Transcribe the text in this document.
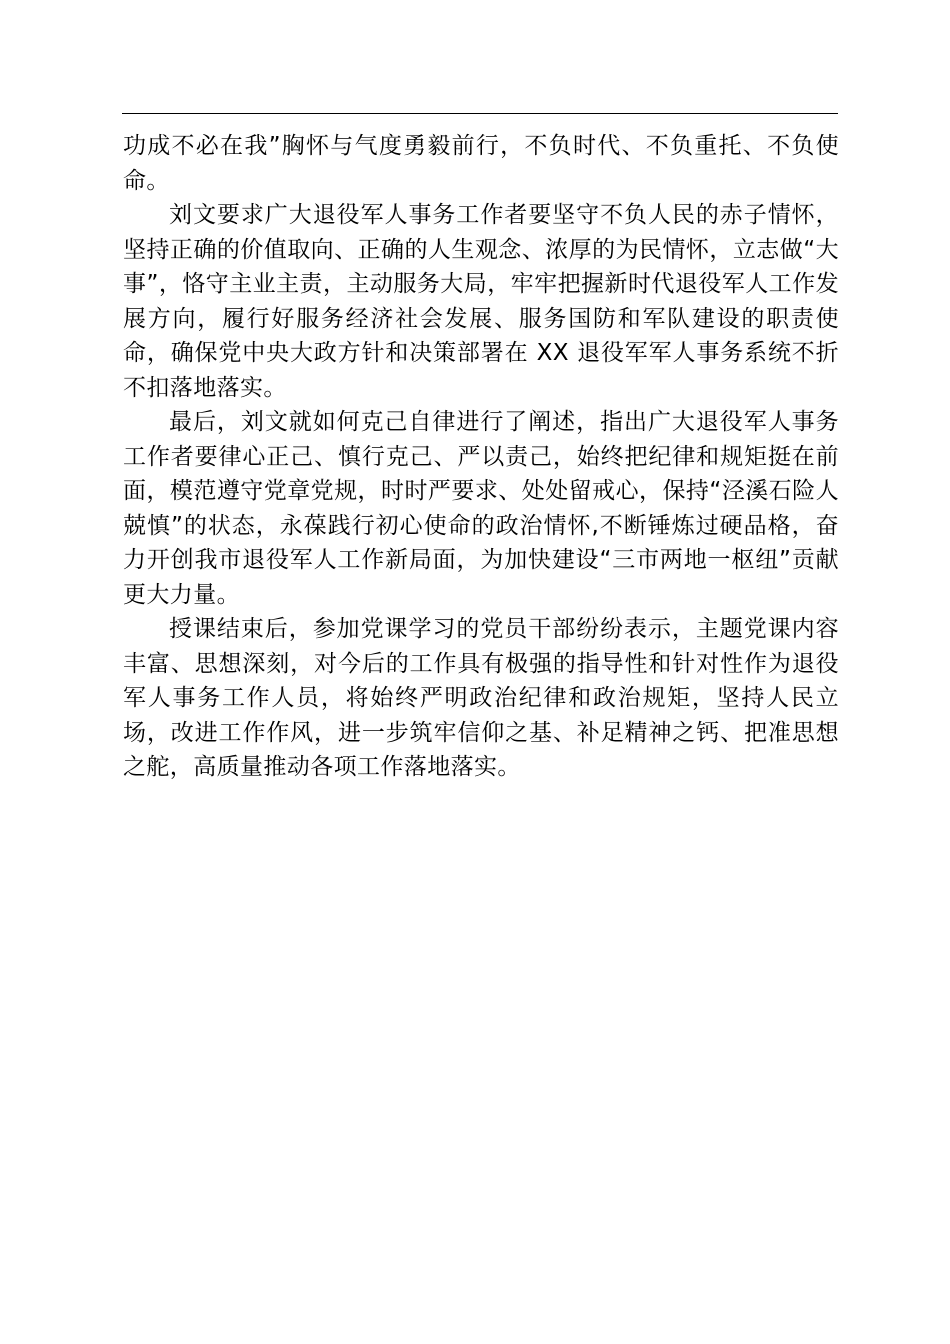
功成不必在我”胸怀与气度勇毅前行，不负时代、不负重托、不负使命。

刘文要求广大退役军人事务工作者要坚守不负人民的赤子情怀，坚持正确的价值取向、正确的人生观念、浓厚的为民情怀，立志做“大事”，恪守主业主责，主动服务大局，牢牢把握新时代退役军人工作发展方向，履行好服务经济社会发展、服务国防和军队建设的职责使命，确保党中央大政方针和决策部署在 XX 退役军军人事务系统不折不扣落地落实。

最后，刘文就如何克己自律进行了阐述，指出广大退役军人事务工作者要律心正己、慎行克己、严以责己，始终把纪律和规矩挺在前面，模范遵守党章党规，时时严要求、处处留戒心，保持“泾溪石险人兢慎”的状态，永葆践行初心使命的政治情怀,不断锤炼过硬品格，奋力开创我市退役军人工作新局面，为加快建设“三市两地一枢纽”贡献更大力量。

授课结束后，参加党课学习的党员干部纷纷表示，主题党课内容丰富、思想深刻，对今后的工作具有极强的指导性和针对性作为退役军人事务工作人员，将始终严明政治纪律和政治规矩，坚持人民立场，改进工作作风，进一步筑牢信仰之基、补足精神之钙、把准思想之舵，高质量推动各项工作落地落实。
